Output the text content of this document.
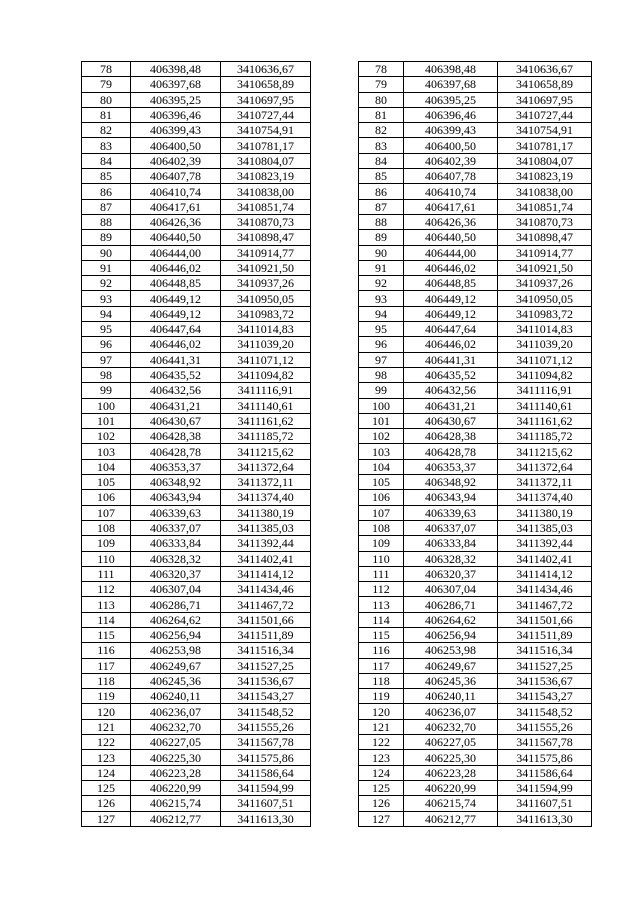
78	406398,48	3410636,67	
79	406397,68	3410658,89	
80	406395,25	3410697,95	
81	406396,46	3410727,44	
82	406399,43	3410754,91	
83	406400,50	3410781,17	
84	406402,39	3410804,07	
85	406407,78	3410823,19	
86	406410,74	3410838,00	
87	406417,61	3410851,74	
88	406426,36	3410870,73	
89	406440,50	3410898,47	
90	406444,00	3410914,77	
91	406446,02	3410921,50	
92	406448,85	3410937,26	
93	406449,12	3410950,05	
94	406449,12	3410983,72	
95	406447,64	3411014,83	
96	406446,02	3411039,20	
97	406441,31	3411071,12	
98	406435,52	3411094,82	
99	406432,56	3411116,91	
100	406431,21	3411140,61	
101	406430,67	3411161,62	
102	406428,38	3411185,72	
103	406428,78	3411215,62	
104	406353,37	3411372,64	
105	406348,92	3411372,11	
106	406343,94	3411374,40	
107	406339,63	3411380,19	
108	406337,07	3411385,03	
109	406333,84	3411392,44	
110	406328,32	3411402,41	
111	406320,37	3411414,12	
112	406307,04	3411434,46	
113	406286,71	3411467,72	
114	406264,62	3411501,66	
115	406256,94	3411511,89	
116	406253,98	3411516,34	
117	406249,67	3411527,25	
118	406245,36	3411536,67	
119	406240,11	3411543,27	
120	406236,07	3411548,52	
121	406232,70	3411555,26	
122	406227,05	3411567,78	
123	406225,30	3411575,86	
124	406223,28	3411586,64	
125	406220,99	3411594,99	
126	406215,74	3411607,51	
127	406212,77	3411613,30	
78	406398,48	3410636,67
79	406397,68	3410658,89
80	406395,25	3410697,95
81	406396,46	3410727,44
82	406399,43	3410754,91
83	406400,50	3410781,17
84	406402,39	3410804,07
85	406407,78	3410823,19
86	406410,74	3410838,00
87	406417,61	3410851,74
88	406426,36	3410870,73
89	406440,50	3410898,47
90	406444,00	3410914,77
91	406446,02	3410921,50
92	406448,85	3410937,26
93	406449,12	3410950,05
94	406449,12	3410983,72
95	406447,64	3411014,83
96	406446,02	3411039,20
97	406441,31	3411071,12
98	406435,52	3411094,82
99	406432,56	3411116,91
100	406431,21	3411140,61
101	406430,67	3411161,62
102	406428,38	3411185,72
103	406428,78	3411215,62
104	406353,37	3411372,64
105	406348,92	3411372,11
106	406343,94	3411374,40
107	406339,63	3411380,19
108	406337,07	3411385,03
109	406333,84	3411392,44
110	406328,32	3411402,41
111	406320,37	3411414,12
112	406307,04	3411434,46
113	406286,71	3411467,72
114	406264,62	3411501,66
115	406256,94	3411511,89
116	406253,98	3411516,34
117	406249,67	3411527,25
118	406245,36	3411536,67
119	406240,11	3411543,27
120	406236,07	3411548,52
121	406232,70	3411555,26
122	406227,05	3411567,78
123	406225,30	3411575,86
124	406223,28	3411586,64
125	406220,99	3411594,99
126	406215,74	3411607,51
127	406212,77	3411613,30
